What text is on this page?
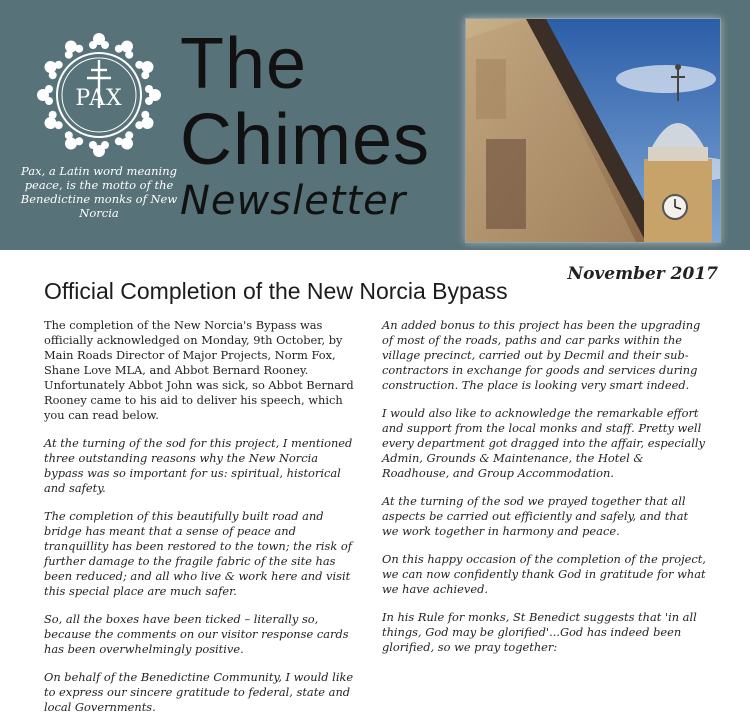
PAX
Pax, a Latin word meaning peace, is the motto of the Benedictine monks of New Norcia
The
Chimes
Newsletter
November 2017
Official Completion of the New Norcia Bypass

The completion of the New Norcia's Bypass was officially acknowledged on Monday, 9th October, by Main Roads Director of Major Projects, Norm Fox, Shane Love MLA, and Abbot Bernard Rooney. Unfortunately Abbot John was sick, so Abbot Bernard Rooney came to his aid to deliver his speech, which you can read below.

At the turning of the sod for this project, I mentioned three outstanding reasons why the New Norcia bypass was so important for us: spiritual, historical and safety.

The completion of this beautifully built road and bridge has meant that a sense of peace and tranquillity has been restored to the town; the risk of further damage to the fragile fabric of the site has been reduced; and all who live & work here and visit this special place are much safer.

So, all the boxes have been ticked – literally so, because the comments on our visitor response cards has been overwhelmingly positive.

On behalf of the Benedictine Community, I would like to express our sincere gratitude to federal, state and local Governments.

An added bonus to this project has been the upgrading of most of the roads, paths and car parks within the village precinct, carried out by Decmil and their sub-contractors in exchange for goods and services during construction. The place is looking very smart indeed.

I would also like to acknowledge the remarkable effort and support from the local monks and staff. Pretty well every department got dragged into the affair, especially Admin, Grounds & Maintenance, the Hotel & Roadhouse, and Group Accommodation.

At the turning of the sod we prayed together that all aspects be carried out efficiently and safely, and that we work together in harmony and peace.

On this happy occasion of the completion of the project, we can now confidently thank God in gratitude for what we have achieved.

In his Rule for monks, St Benedict suggests that 'in all things, God may be glorified'...God has indeed been glorified, so we pray together:
